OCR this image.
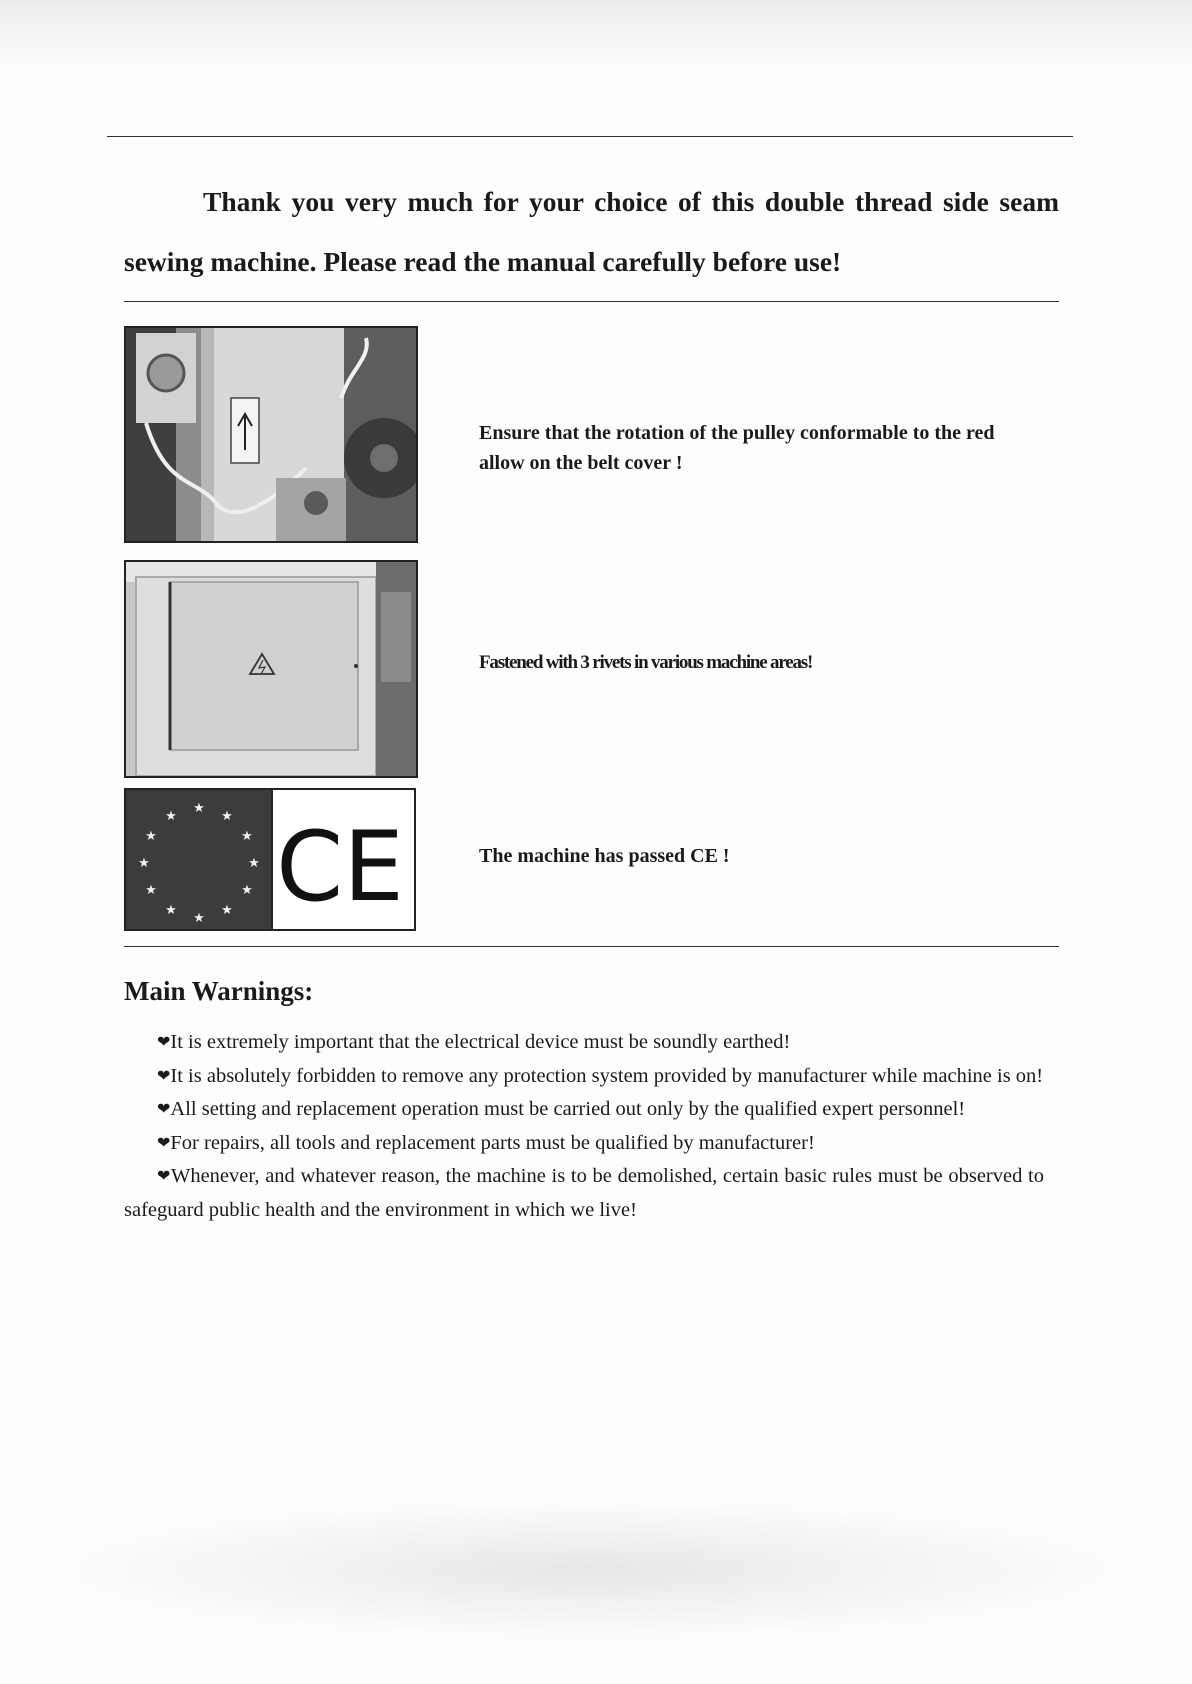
Thank you very much for your choice of this double thread side seam sewing machine. Please read the manual carefully before use!

Ensure that the rotation of the pulley conformable to the red allow on the belt cover !

Fastened with 3 rivets in various machine areas!

★
★
★
★
★
★
★
★
★
★
★
★ CE	The machine has passed CE !

Main Warnings:
❤It is extremely important that the electrical device must be soundly earthed!
❤It is absolutely forbidden to remove any protection system provided by manufacturer while machine is on!
❤All setting and replacement operation must be carried out only by the qualified expert personnel!
❤For repairs, all tools and replacement parts must be qualified by manufacturer!
❤Whenever, and whatever reason, the machine is to be demolished, certain basic rules must be observed to safeguard public health and the environment in which we live!
